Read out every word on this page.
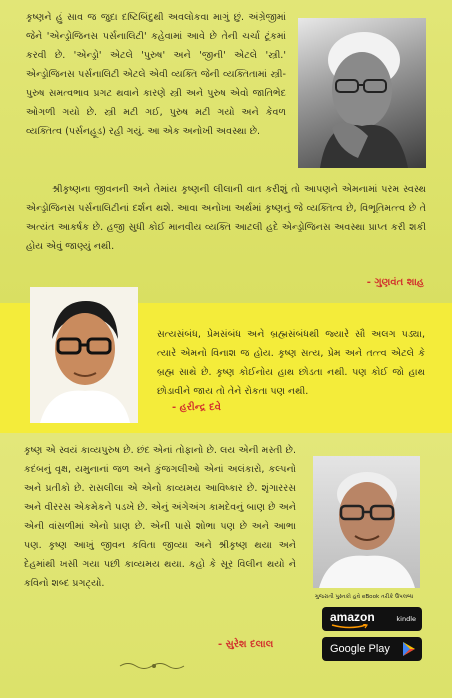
કૃષ્ણને હું સાવ જ જુદા દષ્ટિબિંદુથી અવલોકવા માગું છું. અંગ્રેજીમાં જેને 'એન્ડ્રોજિનસ પર્સનાલિટી' કહેવામાં આવે છે તેની ચર્ચા ટૂંકમાં કરવી છે. 'એન્ડ્રો' એટલે 'પુરુષ' અને 'જીની' એટલે 'સ્ત્રી.' એન્ડ્રોજિનસ પર્સનાલિટી એટલે એવી વ્યક્તિ જેની વ્યક્તિતામાં સ્ત્રી-પુરુષ સમત્વભાવ પ્રગટ થવાને કારણે સ્ત્રી અને પુરુષ એવો જાતિભેદ ઓગળી ગયો છે. સ્ત્રી મટી ગઈ, પુરુષ મટી ગયો અને કેવળ વ્યક્તિત્વ (પર્સનહૂડ) રહી ગયું. આ એક અનોખી અવસ્થા છે.

શ્રીકૃષ્ણના જીવનની અને તેમાંય કૃષ્ણની લીલાની વાત કરીશું તો આપણને એમનામાં પરમ સ્વસ્થ એન્ડ્રોજિનસ પર્સનાલિટીનાં દર્શન થશે. આવા અનોખા અર્થમાં કૃષ્ણનું જે વ્યક્તિત્વ છે, વિભૂતિમત્ત્વ છે તે અત્યંત આકર્ષક છે. હજી સુધી કોઈ માનવીય વ્યક્તિ આટલી હદે એન્ડ્રોજિનસ અવસ્થા પ્રાપ્ત કરી શકી હોય એવું જાણ્યું નથી.

- ગુણવંત શાહ

સત્યસંબંધ, પ્રેમસંબંધ અને બ્રહ્મસંબંધથી જ્યારે સૌ અલગ પડ્યા, ત્યારે એમનો વિનાશ જ હોય. કૃષ્ણ સત્ય, પ્રેમ અને તત્ત્વ એટલે કે બ્રહ્મ સાથે છે. કૃષ્ણ કોઈનોય હાથ છોડતા નથી. પણ કોઈ જો હાથ છોડાવીને જાય તો તેને રોકતા પણ નથી.

- હરીન્દ્ર દવે

કૃષ્ણ એ સ્વયં કાવ્યપુરુષ છે. છંદ એનાં તોફાનો છે. લય એની મસ્તી છે. કદંબનું વૃક્ષ, યમુનાનાં જળ અને કુંજગલીઓ એનાં અલંકારો, કલ્પનો અને પ્રતીકો છે. રાસલીલા એ એનો કાવ્યમય આવિષ્કાર છે. શૃંગારરસ અને વીરરસ એકમેકને પડખે છે. એનું અંગેઅંગ કામદેવનું બાણ છે અને એની વાંસળીમાં એનો પ્રાણ છે. એની પાસે શોભા પણ છે અને આભા પણ. કૃષ્ણ આખું જીવન કવિતા જીવ્યા અને શ્રીકૃષ્ણ થયા અને દેહમાંથી ખસી ગયા પછી કાવ્યમય થયા. કહો કે સૂર વિલીન થયો ને કવિનો શબ્દ પ્રગટ્યો.

- સુરેશ દલાલ
ગુજરાતી પુસ્તકો હવે eBook તરીકે ઉપલબ્ધ
amazon	kindle
Google Play
